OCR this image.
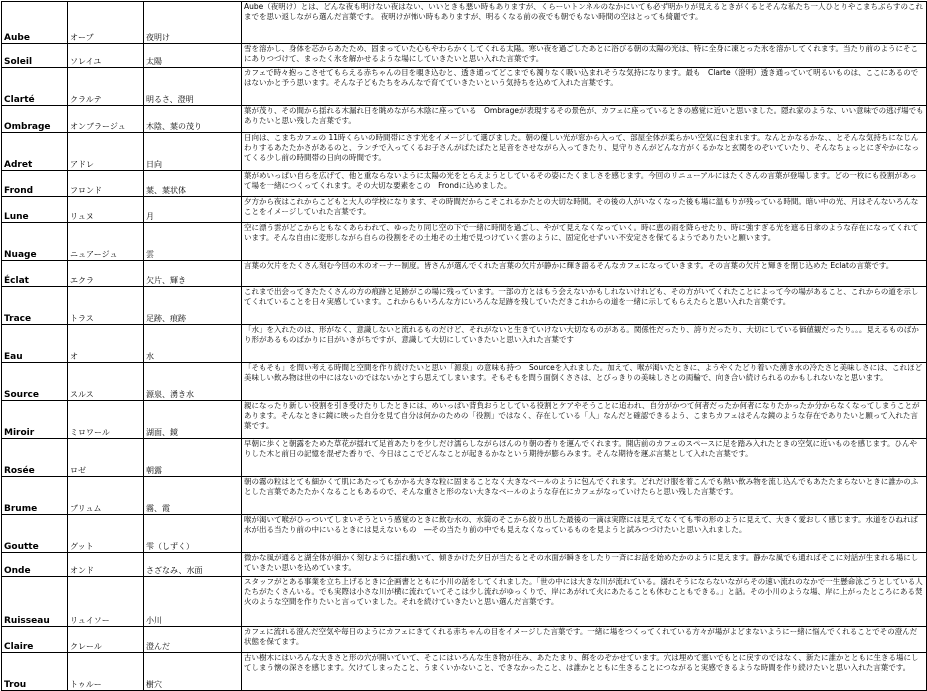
Aube	オーブ	夜明け	Aube（夜明け）とは、どんな夜も明けない夜はない、いいときも悪い時もありますが、くらーいトンネルのなかにいても必ず明かりが見えるときがくるとそんな私たち一人ひとりやこまちぶらすのこれまでを思い返しながら選んだ言葉です。 夜明けが怖い時もありますが、明るくなる前の夜でも朝でもない時間の空はとっても綺麗です。
Soleil	ソレイユ	太陽	雪を溶かし、身体を芯からあたため、固まっていた心もやわらかくしてくれる太陽。寒い夜を過ごしたあとに浴びる朝の太陽の光は、特に全身に凍とった氷を溶かしてくれます。当たり前のようにそこにありつづけて、まったく氷を解かせるような場にしていきたいと思い入れた言葉です。
Clarté	クラルテ	明るさ、澄明	カフェで時々抱っこさせてもらえる赤ちゃんの目を覗き込むと、透き通ってどこまでも濁りなく吸い込まれそうな気持になります。最も　Clarte（澄明）透き通っていて明るいものは、ここにあるのではないかと予う思います。そんな子どもたちをみんなで育てていきたいという気持ちを込めて入れた言葉です。
Ombrage	オンブラージュ	木陰、葉の茂り	葉が茂り、その間から揺れる木漏れ日を眺めながら木陰に座っている　Ombrageが表現するその景色が、カフェに座っているときの感覚に近いと思いました。隠れ家のような、いい意味での逃げ場でもありたいと思い残した言葉です。
Adret	アドレ	日向	日向は、こまちカフェの 11時くらいの時間帯にさす光をイメージして選びました。朝の優しい光が窓から入って、部屋全体が柔らかい空気に包まれます。なんとかなるかな、、とそんな気持ちになじんわりするあたたかさがあるのと、ランチで入ってくるお子さんがぱたぱたと足音をさせながら入ってきたり、見守りさんがどんな方がくるかなと玄関をのぞいていたり、そんなちょっとにぎやかになってくる少し前の時間帯の日向の時間です。
Frond	フロンド	葉、葉状体	葉がめいっぱい自らを広げて、他と重ならないように太陽の光をとらえようとしているその姿にたくましさを感じます。今回のリニューアルにはたくさんの言葉が登場します。どの一枚にも役割があって場を一緒につくってくれます。その大切な要素をこの　Frondに込めました。
Lune	リュヌ	月	夕方から夜はこれからこどもと大人の学校になります、その時間だからこそこれるかたとの大切な時間。その後の人がいなくなった後も場に温もりが残っている時間。暗い中の光、月はそんないろんなことをイメージしていれた言葉です。
Nuage	ニュアージュ	雲	空に漂う雲がどこからともなくあらわれて、ゆったり同じ空の下で一緒に時間を過ごし、やがて見えなくなっていく。時に恵の雨を降らせたり、時に強すぎる光を遮る日傘のような存在になってくれています。そんな自由に変形しながら自らの役割をその土地その土地で見つけていく雲のように、固定化せずいい不安定さを保てるようでありたいと願います。
Éclat	エクラ	欠片、輝き	言葉の欠片をたくさん刻む今回の木のオーナー制度。皆さんが選んでくれた言葉の欠片が静かに輝き語るそんなカフェになっていきます。その言葉の欠片と輝きを閉じ込めた Eclatの言葉です。
Trace	トラス	足跡、痕跡	これまで出会ってきたたくさんの方の痕跡と足跡がこの場に残っています。一部の方とはもう会えないかもしれないけれども、その方がいてくれたことによって今の場があること、これからの道を示してくれていることを日々実感しています。これからもいろんな方にいろんな足跡を残していただきこれからの道を一緒に示してもらえたらと思い入れた言葉です。
Eau	オ	水	「水」を入れたのは、形がなく、意識しないと流れるものだけど、それがないと生きていけない大切なものがある。関係性だったり、誇りだったり、大切にしている価値観だったり。。。見えるものばかり形があるものばかりに目がいきがちですが、意識して大切にしていきたいと思い入れた言葉です
Source	スルス	源泉、湧き水	「そもそも」を問い考える時間と空間を作り続けたいと思い「源泉」の意味も持つ　Sourceを入れました。加えて、喉が渇いたときに、ようやくたどり着いた湧き水の冷たさと美味しさには、これほど美味しい飲み物は世の中にはないのではないかとすら思えてしまいます。そもそもを問う面倒くささは、とびっきりの美味しさとの両輪で、向き合い続けられるのかもしれないなと思います。
Miroir	ミロワール	湖面、鏡	親になったり新しい役割を引き受けたりしたときには、めいっぱい背負おうとしている役割とケアやそうことに追われ、自分がかつて何者だったか何者になりたかったか分からなくなってしまうことがあります。そんなときに鏡に映った自分を見て自分は何かのための「役割」ではなく、存在している「人」なんだと確認できるよう、こまちカフェはそんな鏡のような存在でありたいと願って入れた言葉です。
Rosée	ロゼ	朝露	早朝に歩くと朝露をためた草花が揺れて足首あたりを少しだけ濡らしながらほんのり朝の香りを運んでくれます。開店前のカフェのスペースに足を踏み入れたときの空気に近いものを感じます。ひんやりした木と前日の記憶を混ぜた香りで、今日はここでどんなことが起きるかなという期待が膨らみます。そんな期待を運ぶ言葉として入れた言葉です。
Brume	ブリュム	霧、霞	朝の霧の粒はとても細かくて肌にあたってもかかる大きな粒に固まることなく大きなベールのように包んでくれます。どれだけ服を着こんでも熱い飲み物を流し込んでもあたたまらないときに誰かのふとした言葉であたたかくなることもあるので、そんな重さと形のない大きなベールのような存在にカフェがなっていけたらと思い残した言葉です。
Goutte	グット	雫（しずく）	喉が渇いて喉がひっついてしまいそうという感覚のときに飲む水の、水筒のそこから絞り出した最後の一滴は実際には見えてなくても雫の形のように見えて、大きく愛おしく感じます。水道をひねれば水が出る当たり前の中にいるときには見えないもの　―その当たり前の中でも見えなくなっているものを見ようと試みつづけたいと思い入れました。
Onde	オンド	さざなみ、水面	微かな風が通ると湖全体が細かく刻むように揺れ動いて、傾きかけた夕日が当たるとその水面が瞬きをしたり一斉にお話を始めたかのように見えます。静かな風でも通ればそこに対話が生まれる場にしていきたい思いを込めています。
Ruisseau	リュイソー	小川	スタッフがとある事業を立ち上げるときに企画書とともに小川の話をしてくれました。「世の中には大きな川が流れている。溺れそうにならないながらその速い流れのなかで一生懸命泳ごうとしている人たちがたくさんいる。でも実際は小さな川が横に流れていてそこは少し流れがゆっくりで、岸にあがれて火にあたることも休むこともできる。」と話。その小川のような場、岸に上がったところにある焚火のような空間を作りたいと言っていました。それを続けていきたいと思い選んだ言葉です。
Claire	クレール	澄んだ	カフェに流れる澄んだ空気や毎日のようにカフェにきてくれる赤ちゃんの目をイメージした言葉です。一緒に場をつくってくれている方々が場がよどまないようにー緒に悩んでくれることでその澄んだ状態を保てます。
Trou	トゥルー	樹穴	古い樹木にはいろんな大きさと形の穴が開いていて、そこにはいろんな生き物が住み、あたたまり、餌をのぞかせています。穴は埋めて塞いでもとに戻すのではなく、新たに誰かとともに生きる場にしてしまう懐の深さを感じます。欠けてしまったこと、うまくいかないこと、できなかったこと、は誰かとともに生きることにつながると実感できるような時間を作り続けたいと思い入れた言葉です。
